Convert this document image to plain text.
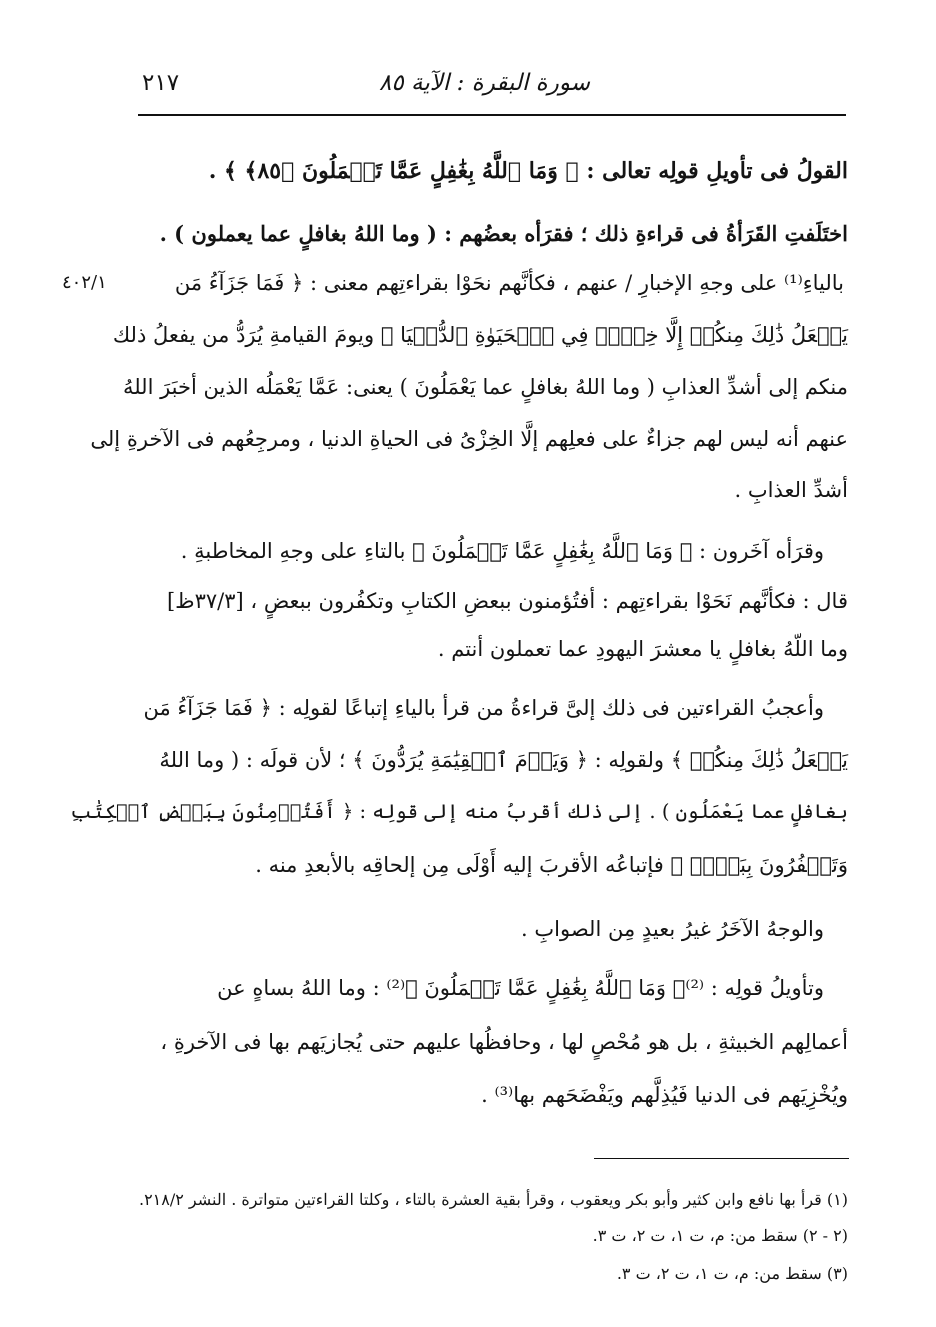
سورة البقرة : الآية ٨٥
٢١٧
٤٠٢/١
القولُ فى تأويلِ قولِه تعالى : ﴿ وَمَا ٱللَّهُ بِغَٰفِلٍ عَمَّا تَعۡمَلُونَ ﴿٨٥﴾ ﴾ .
اختَلَفتِ القَرَأةُ فى قراءةِ ذلك ؛ فقرَأه بعضُهم : ( وما اللهُ بغافلٍ عما يعملون ) .
بالياءِ⁽¹⁾ على وجهِ الإخبارِ / عنهم ، فكأنَّهم نحَوْا بقراءتِهم معنى : ﴿ فَمَا جَزَآءُ مَن
يَفۡعَلُ ذَٰلِكَ مِنكُمۡ إِلَّا خِزۡيٞ فِي ٱلۡحَيَوٰةِ ٱلدُّنۡيَا ﴾ ويومَ القيامةِ يُرَدُّ من يفعلُ ذلك
منكم إلى أشدِّ العذابِ ( وما اللهُ بغافلٍ عما يَعْمَلُونَ ) يعنى: عَمَّا يَعْمَلُه الذين أخبَرَ اللهُ
عنهم أنه ليس لهم جزاءٌ على فعلِهم إلَّا الخِزْىُ فى الحياةِ الدنيا ، ومرجِعُهم فى الآخرةِ إلى
أشدِّ العذابِ .
وقرَأه آخَرون : ﴿ وَمَا ٱللَّهُ بِغَٰفِلٍ عَمَّا تَعۡمَلُونَ ﴾ بالتاءِ على وجهِ المخاطبةِ .
قال : فكأنَّهم نَحَوْا بقراءتِهم : أفتُؤمنون ببعضِ الكتابِ وتكفُرون ببعضٍ ، [٣٧/٣ظ]
وما اللّهُ بغافلٍ يا معشرَ اليهودِ عما تعملون أنتم .
وأعجبُ القراءتين فى ذلك إلىَّ قراءةُ من قرأ بالياءِ إتباعًا لقولِه : ﴿ فَمَا جَزَآءُ مَن
يَفۡعَلُ ذَٰلِكَ مِنكُمۡ ﴾ ولقولِه : ﴿ وَيَوۡمَ ٱلۡقِيَٰمَةِ يُرَدُّونَ ﴾ ؛ لأن قولَه : ( وما اللهُ
بغافلٍ عما يَعْمَلُون ) . إلى ذلك أقربُ منه إلى قولِه : ﴿ أَفَتُؤۡمِنُونَ بِبَعۡضِ ٱلۡكِتَٰبِ
وَتَكۡفُرُونَ بِبَعۡضٖ ﴾ فإتباعُه الأقربَ إليه أَوْلَى مِن إلحاقِه بالأبعدِ منه .
والوجهُ الآخَرُ غيرُ بعيدٍ مِن الصوابِ .
وتأويلُ قولِه : ⁽²⁾﴿ وَمَا ٱللَّهُ بِغَٰفِلٍ عَمَّا تَعۡمَلُونَ ﴾⁽²⁾ : وما اللهُ بساهٍ عن
أعمالِهم الخبيثةِ ، بل هو مُحْصٍ لها ، وحافظُها عليهم حتى يُجازيَهم بها فى الآخرةِ ،
ويُخْزِيَهم فى الدنيا فَيُذِلَّهم ويَفْضَحَهم بها⁽³⁾ .
(١) قرأ بها نافع وابن كثير وأبو بكر ويعقوب ، وقرأ بقية العشرة بالتاء ، وكلتا القراءتين متواترة . النشر ٢١٨/٢.
(٢ - ٢) سقط من: م، ت ١، ت ٢، ت ٣.
(٣) سقط من: م، ت ١، ت ٢، ت ٣.
